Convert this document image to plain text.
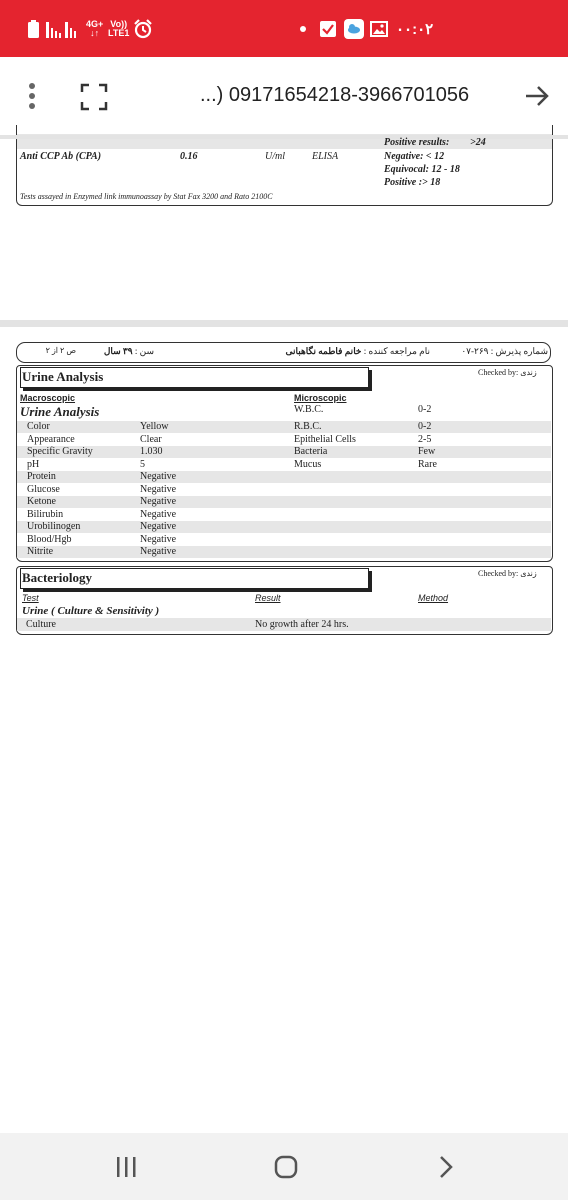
4G+
↓↑
Vo))
LTE1	۰۰:۰۲
...) 09171654218-3966701056
Positive results: >24
Anti CCP Ab (CPA)	0.16	U/ml	ELISA	Negative: < 12
Equivocal: 12 - 18
Positive :> 18
Tests assayed in Enzymed link immunoassay by Stat Fax 3200 and Rato 2100C
شماره پذیرش : ۲۶۹-۰۷
نام مراجعه کننده : خانم فاطمه نگاهبانی
سن : ۳۹ سال
ص ۲ از ۲
Urine Analysis	Checked by: زندی
Macroscopic	Microscopic
Urine Analysis
Color	Yellow
Appearance	Clear
Specific Gravity	1.030
pH	5
Protein	Negative
Glucose	Negative
Ketone	Negative
Bilirubin	Negative
Urobilinogen	Negative
Blood/Hgb	Negative
Nitrite	Negative
W.B.C.	0-2
R.B.C.	0-2
Epithelial Cells	2-5
Bacteria	Few
Mucus	Rare
Bacteriology	Checked by: زندی
Test	Result	Method
Urine ( Culture & Sensitivity )
Culture	No growth after 24 hrs.
